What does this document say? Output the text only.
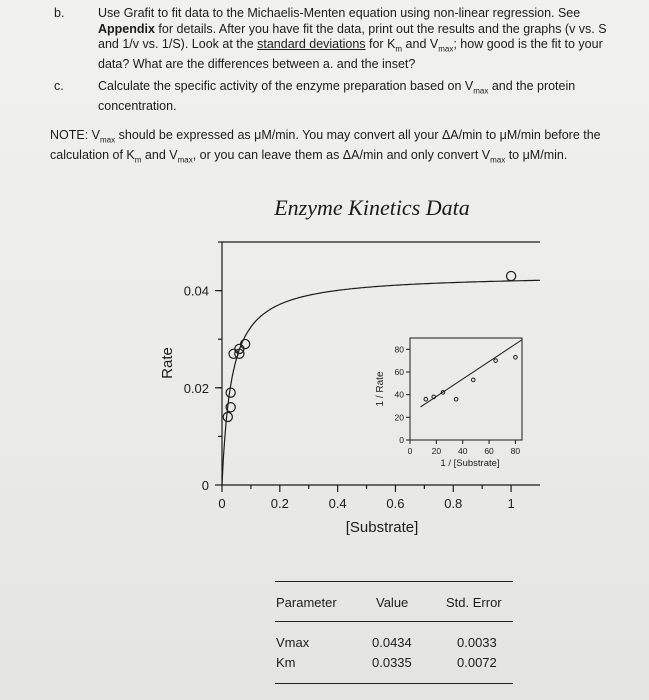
b.	Use Grafit to fit data to the Michaelis-Menten equation using non-linear regression. See Appendix for details. After you have fit the data, print out the results and the graphs (v vs. S and 1/v vs. 1/S). Look at the standard deviations for $K_m$ and $V_{max}$; how good is the fit to your data? What are the differences between a. and the inset?
c.	Calculate the specific activity of the enzyme preparation based on $V_{max}$ and the protein concentration.
NOTE: $V_{max}$ should be expressed as μM/min. You may convert all your ΔA/min to μM/min before the calculation of $K_m$ and $V_{max}$, or you can leave them as ΔA/min and only convert $V_{max}$ to μM/min.
Enzyme Kinetics Data
0	0.2	0.4	0.6	0.8	1
0
0.02
0.04
[Substrate]
Rate
0
20
40
60
80
0 20 40 60 80
1 / [Substrate]
1 / Rate
Parameter	Value	Std. Error
Vmax	0.0434	0.0033
Km	0.0335	0.0072
